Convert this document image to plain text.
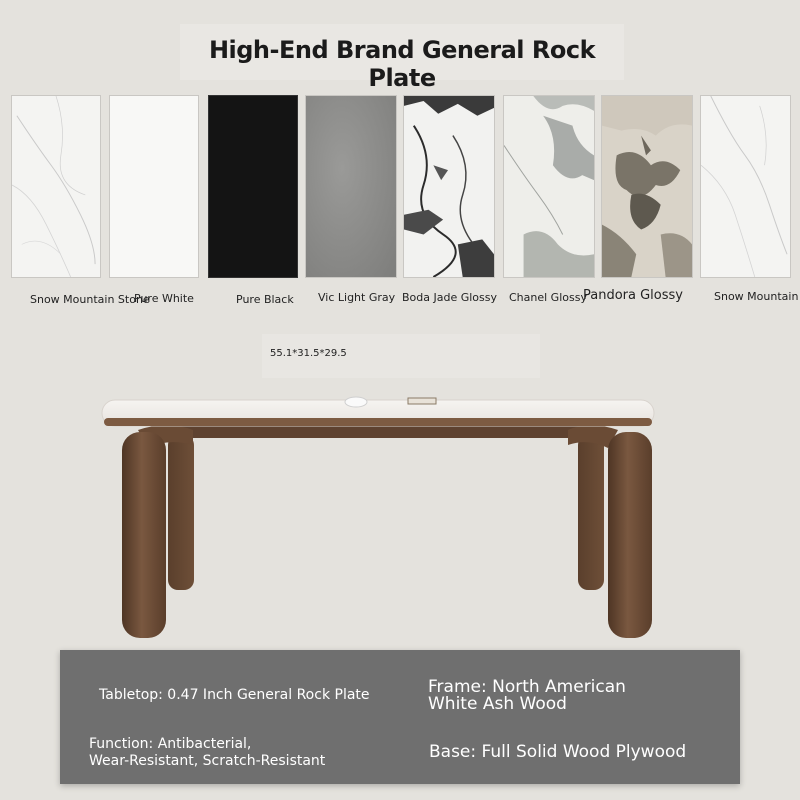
High-End Brand General Rock Plate
Snow Mountain Stone
Pure White	Pure Black Vic Light Gray Boda Jade Glossy Chanel Glossy
Pandora Glossy	Snow Mountain
55.1*31.5*29.5
Tabletop: 0.47 Inch General Rock Plate	Frame: North American
White Ash Wood
Function: Antibacterial,
Wear-Resistant, Scratch-Resistant	Base: Full Solid Wood Plywood
